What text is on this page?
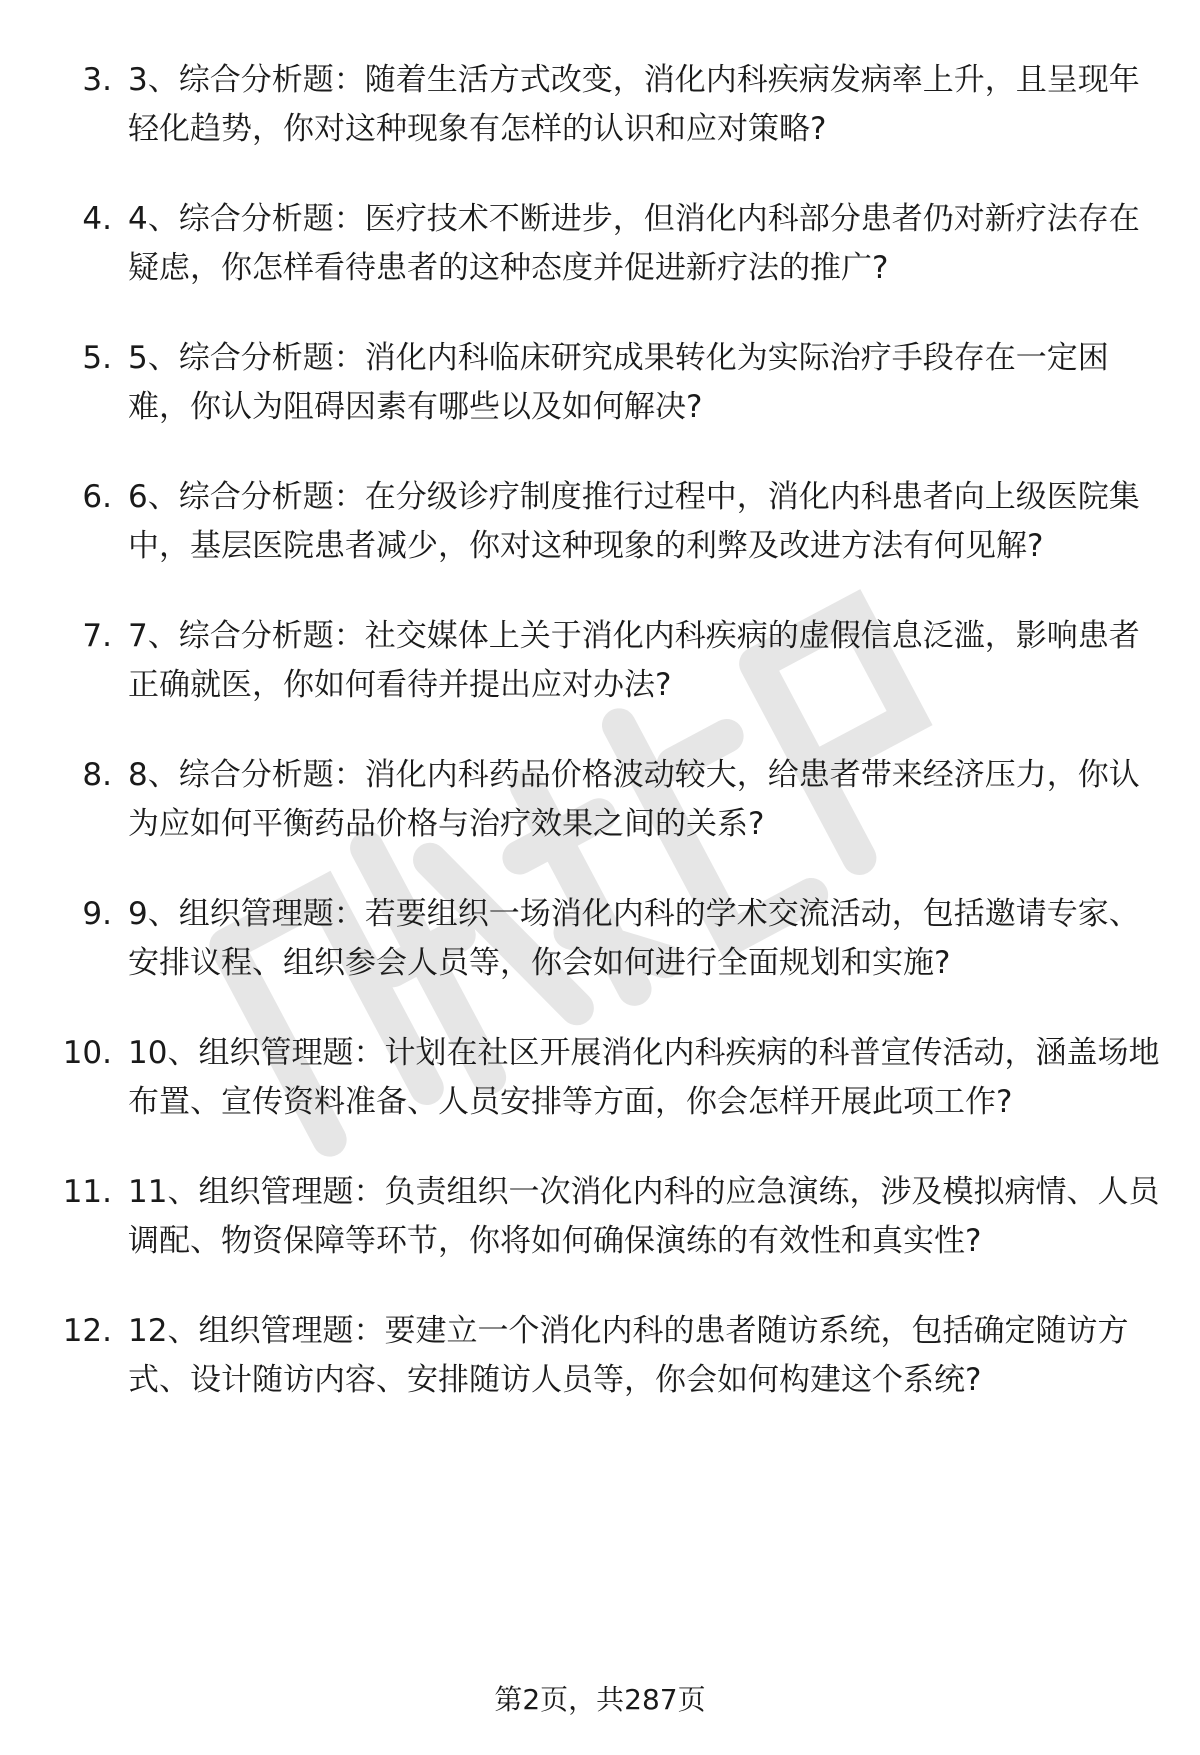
3. 3、综合分析题：随着生活方式改变，消化内科疾病发病率上升，且呈现年轻化趋势，你对这种现象有怎样的认识和应对策略?
4. 4、综合分析题：医疗技术不断进步，但消化内科部分患者仍对新疗法存在疑虑，你怎样看待患者的这种态度并促进新疗法的推广?
5. 5、综合分析题：消化内科临床研究成果转化为实际治疗手段存在一定困难，你认为阻碍因素有哪些以及如何解决?
6. 6、综合分析题：在分级诊疗制度推行过程中，消化内科患者向上级医院集中，基层医院患者减少，你对这种现象的利弊及改进方法有何见解?
7. 7、综合分析题：社交媒体上关于消化内科疾病的虚假信息泛滥，影响患者正确就医，你如何看待并提出应对办法?
8. 8、综合分析题：消化内科药品价格波动较大，给患者带来经济压力，你认为应如何平衡药品价格与治疗效果之间的关系?
9. 9、组织管理题：若要组织一场消化内科的学术交流活动，包括邀请专家、安排议程、组织参会人员等，你会如何进行全面规划和实施?
10. 10、组织管理题：计划在社区开展消化内科疾病的科普宣传活动，涵盖场地布置、宣传资料准备、人员安排等方面，你会怎样开展此项工作?
11. 11、组织管理题：负责组织一次消化内科的应急演练，涉及模拟病情、人员调配、物资保障等环节，你将如何确保演练的有效性和真实性?
12. 12、组织管理题：要建立一个消化内科的患者随访系统，包括确定随访方式、设计随访内容、安排随访人员等，你会如何构建这个系统?
第2页，共287页
